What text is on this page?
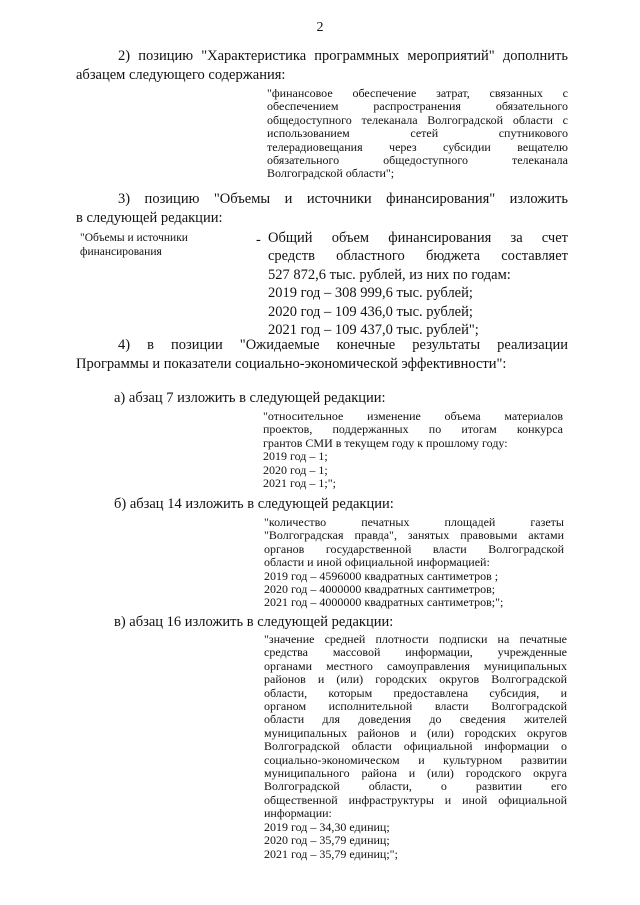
2
2) позицию "Характеристика программных мероприятий" дополнить
абзацем следующего содержания:
"финансовое обеспечение затрат, связанных с
обеспечением распространения обязательного
общедоступного телеканала Волгоградской области с
использованием сетей спутникового
телерадиовещания через субсидии вещателю
обязательного общедоступного телеканала
Волгоградской области";
3) позицию "Объемы и источники финансирования" изложить
в следующей редакции:
"Объемы и источники
финансирования
- Общий объем финансирования за счет
средств областного бюджета составляет
527 872,6 тыс. рублей, из них по годам:
2019 год – 308 999,6 тыс. рублей;
2020 год – 109 436,0 тыс. рублей;
2021 год – 109 437,0 тыс. рублей";
4) в позиции "Ожидаемые конечные результаты реализации
Программы и показатели социально-экономической эффективности":
а) абзац 7 изложить в следующей редакции:
"относительное изменение объема материалов
проектов, поддержанных по итогам конкурса
грантов СМИ в текущем году к прошлому году:
2019 год – 1;
2020 год – 1;
2021 год – 1;";
б) абзац 14 изложить в следующей редакции:
"количество печатных площадей газеты
"Волгоградская правда", занятых правовыми актами
органов государственной власти Волгоградской
области и иной официальной информацией:
2019 год – 4596000 квадратных сантиметров ;
2020 год – 4000000 квадратных сантиметров;
2021 год – 4000000 квадратных сантиметров;";
в) абзац 16 изложить в следующей редакции:
"значение средней плотности подписки на печатные
средства массовой информации, учрежденные
органами местного самоуправления муниципальных
районов и (или) городских округов Волгоградской
области, которым предоставлена субсидия, и
органом исполнительной власти Волгоградской
области для доведения до сведения жителей
муниципальных районов и (или) городских округов
Волгоградской области официальной информации о
социально-экономическом и культурном развитии
муниципального района и (или) городского округа
Волгоградской области, о развитии его
общественной инфраструктуры и иной официальной
информации:
2019 год – 34,30 единиц;
2020 год – 35,79 единиц;
2021 год – 35,79 единиц;";
